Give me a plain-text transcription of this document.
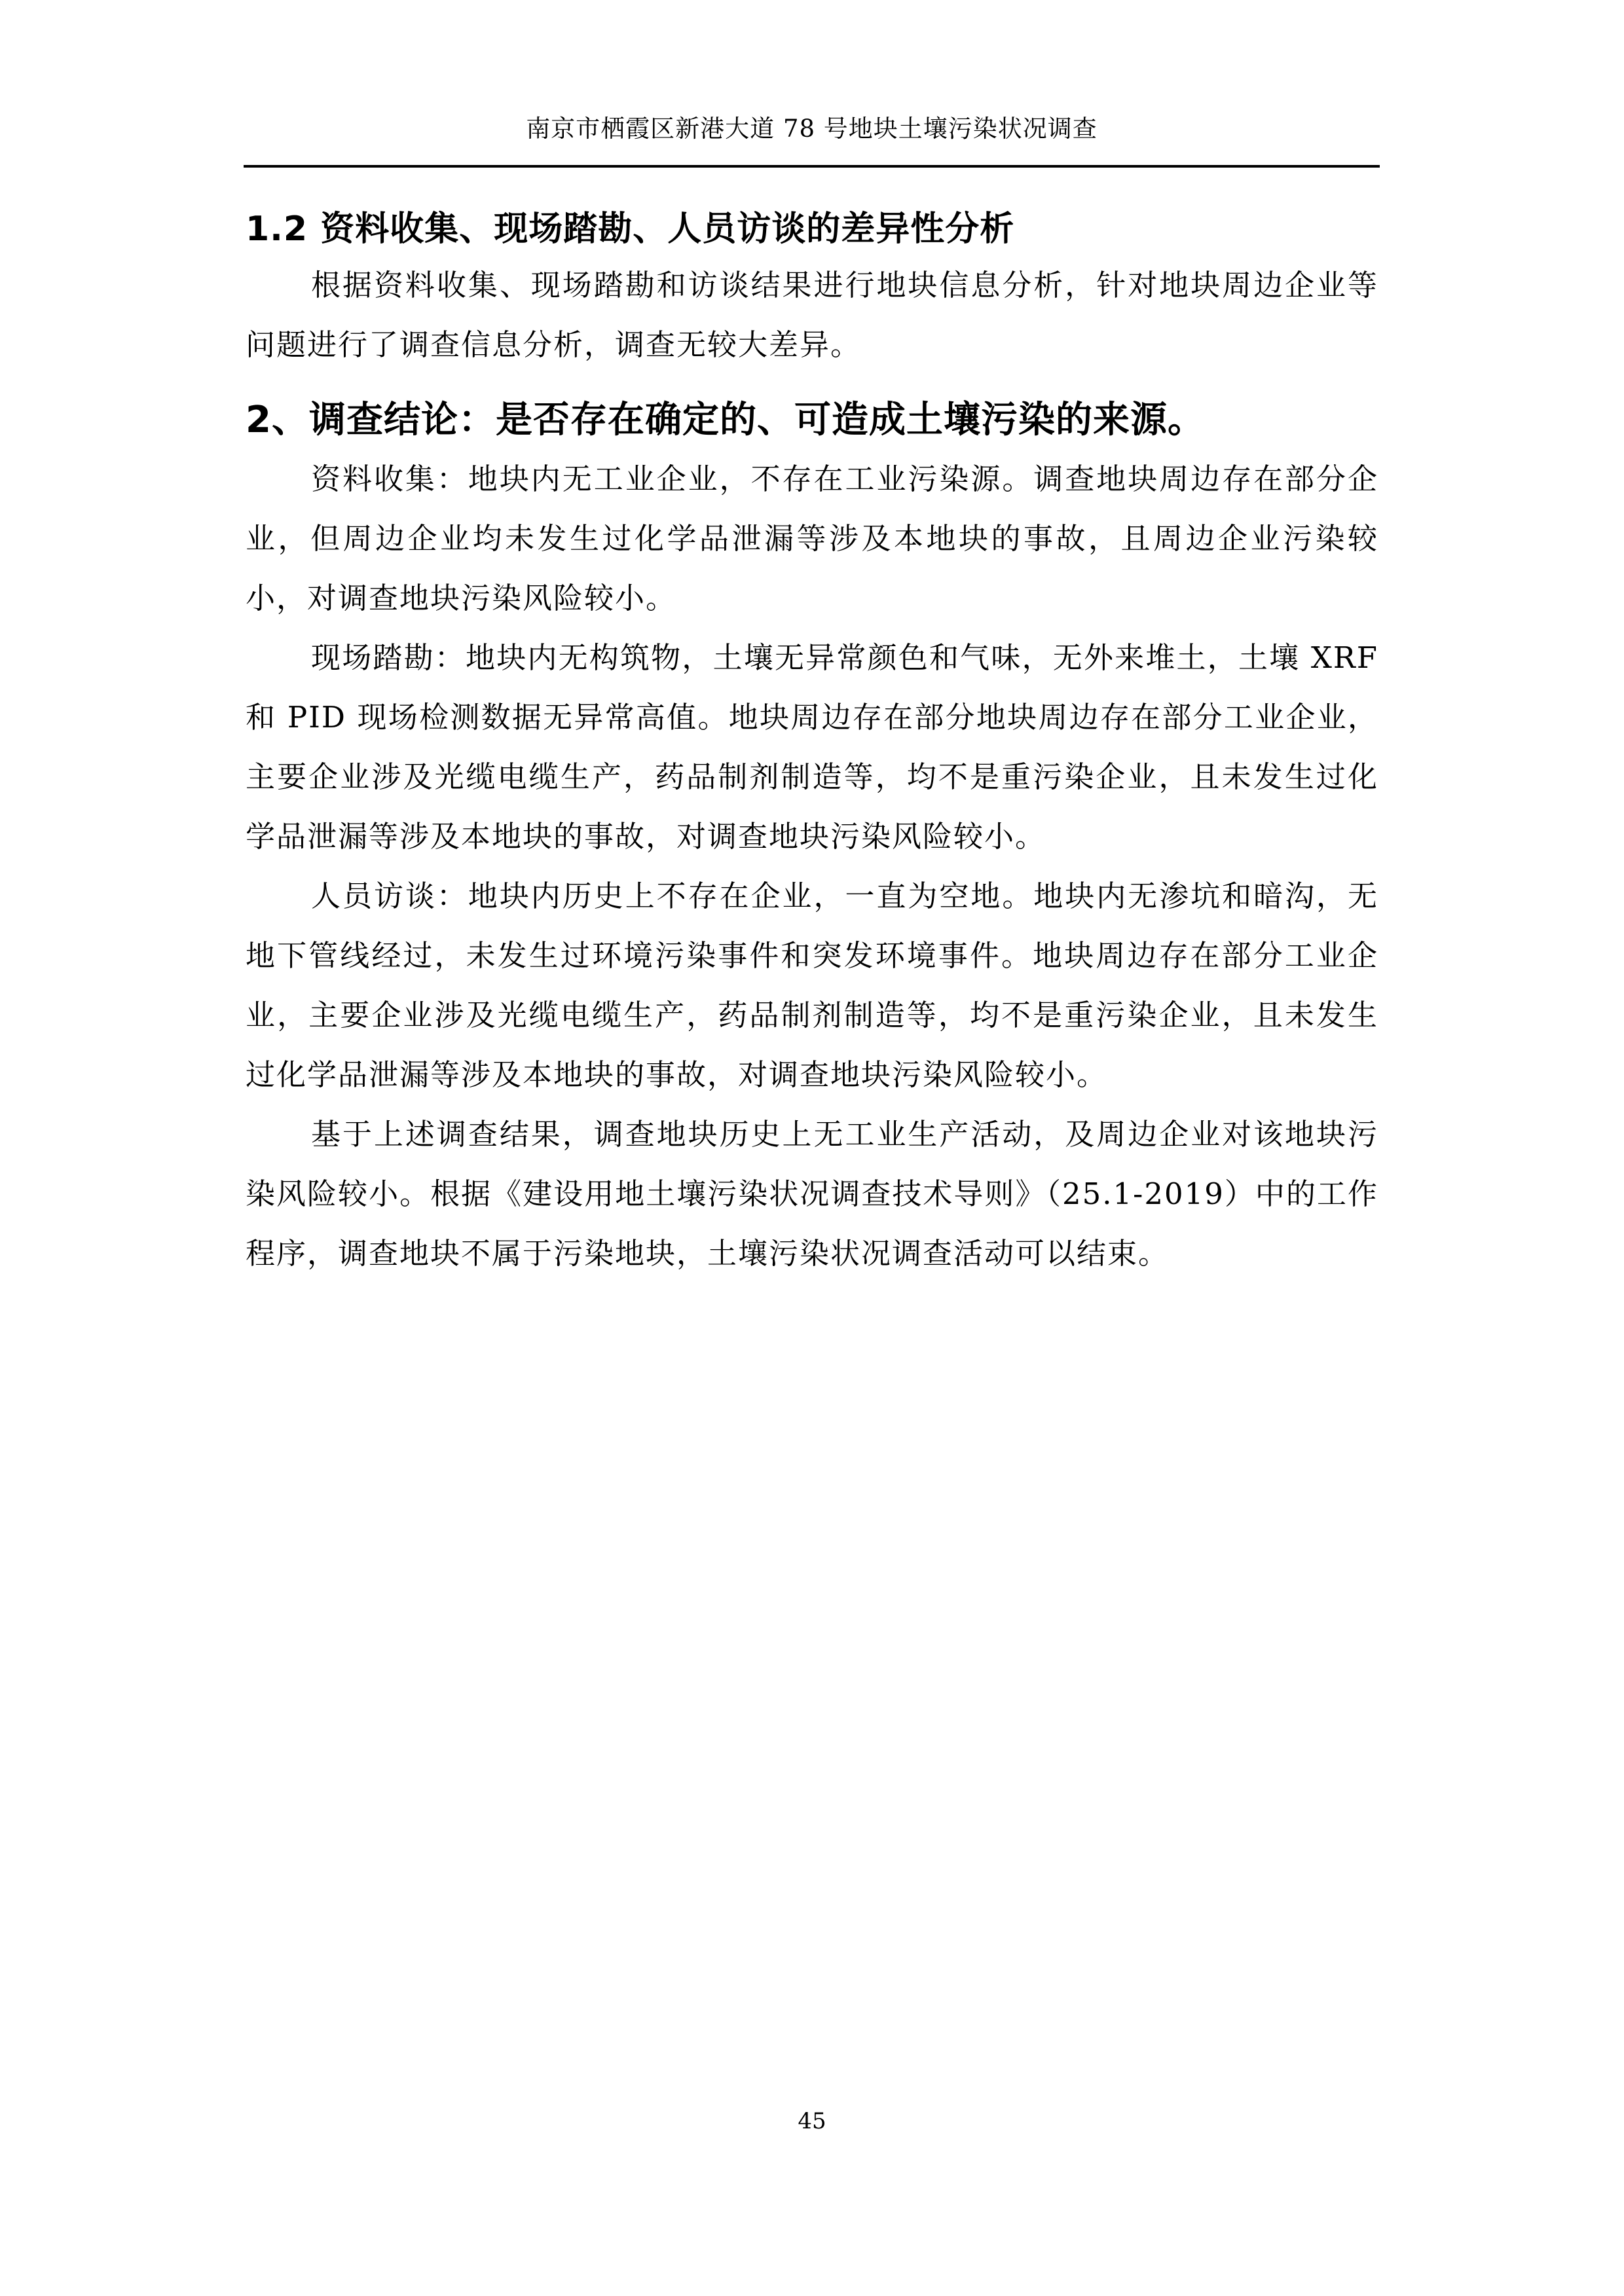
南京市栖霞区新港大道 78 号地块土壤污染状况调查
1.2 资料收集、现场踏勘、人员访谈的差异性分析

根据资料收集、现场踏勘和访谈结果进行地块信息分析，针对地块周边企业等问题进行了调查信息分析，调查无较大差异。

2、调查结论：是否存在确定的、可造成土壤污染的来源。

资料收集：地块内无工业企业，不存在工业污染源。调查地块周边存在部分企业，但周边企业均未发生过化学品泄漏等涉及本地块的事故，且周边企业污染较小，对调查地块污染风险较小。

现场踏勘：地块内无构筑物，土壤无异常颜色和气味，无外来堆土，土壤 XRF 和 PID 现场检测数据无异常高值。地块周边存在部分地块周边存在部分工业企业，主要企业涉及光缆电缆生产，药品制剂制造等，均不是重污染企业，且未发生过化学品泄漏等涉及本地块的事故，对调查地块污染风险较小。

人员访谈：地块内历史上不存在企业，一直为空地。地块内无渗坑和暗沟，无地下管线经过，未发生过环境污染事件和突发环境事件。地块周边存在部分工业企业，主要企业涉及光缆电缆生产，药品制剂制造等，均不是重污染企业，且未发生过化学品泄漏等涉及本地块的事故，对调查地块污染风险较小。

基于上述调查结果，调查地块历史上无工业生产活动，及周边企业对该地块污染风险较小。根据《建设用地土壤污染状况调查技术导则》（25.1-2019）中的工作程序，调查地块不属于污染地块，土壤污染状况调查活动可以结束。

45
